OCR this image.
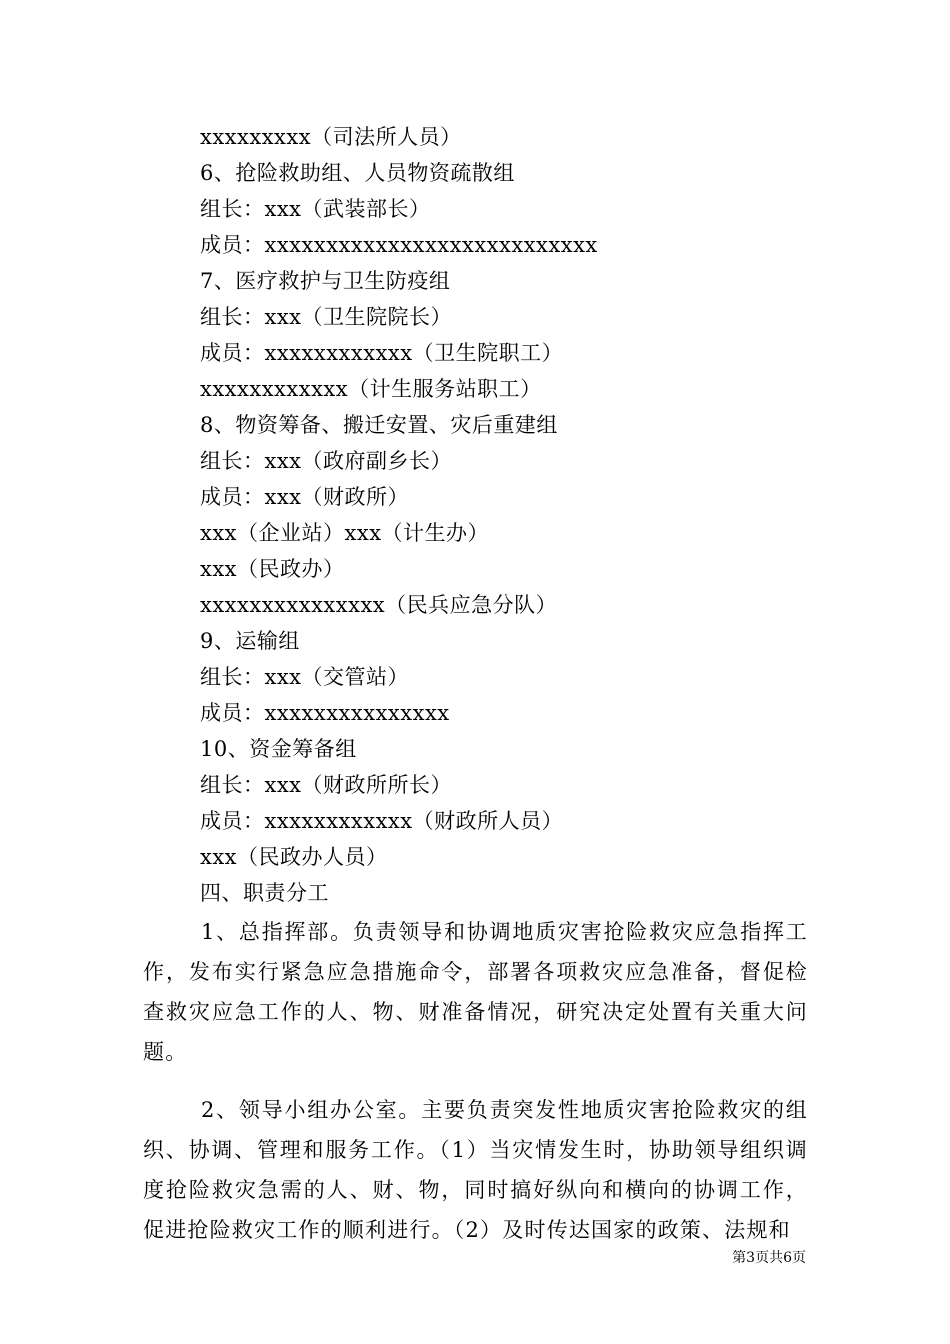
xxxxxxxxx（司法所人员）
6、抢险救助组、人员物资疏散组
组长：xxx（武装部长）
成员：xxxxxxxxxxxxxxxxxxxxxxxxxxx
7、医疗救护与卫生防疫组
组长：xxx（卫生院院长）
成员：xxxxxxxxxxxx（卫生院职工）
xxxxxxxxxxxx（计生服务站职工）
8、物资筹备、搬迁安置、灾后重建组
组长：xxx（政府副乡长）
成员：xxx（财政所）
xxx（企业站）xxx（计生办）
xxx（民政办）
xxxxxxxxxxxxxxx（民兵应急分队）
9、运输组
组长：xxx（交管站）
成员：xxxxxxxxxxxxxxx
10、资金筹备组
组长：xxx（财政所所长）
成员：xxxxxxxxxxxx（财政所人员）
xxx（民政办人员）
四、职责分工

1、总指挥部。负责领导和协调地质灾害抢险救灾应急指挥工作，发布实行紧急应急措施命令，部署各项救灾应急准备，督促检查救灾应急工作的人、物、财准备情况，研究决定处置有关重大问题。

2、领导小组办公室。主要负责突发性地质灾害抢险救灾的组织、协调、管理和服务工作。（1）当灾情发生时，协助领导组织调度抢险救灾急需的人、财、物，同时搞好纵向和横向的协调工作，促进抢险救灾工作的顺利进行。（2）及时传达国家的政策、法规和

第3页共6页
